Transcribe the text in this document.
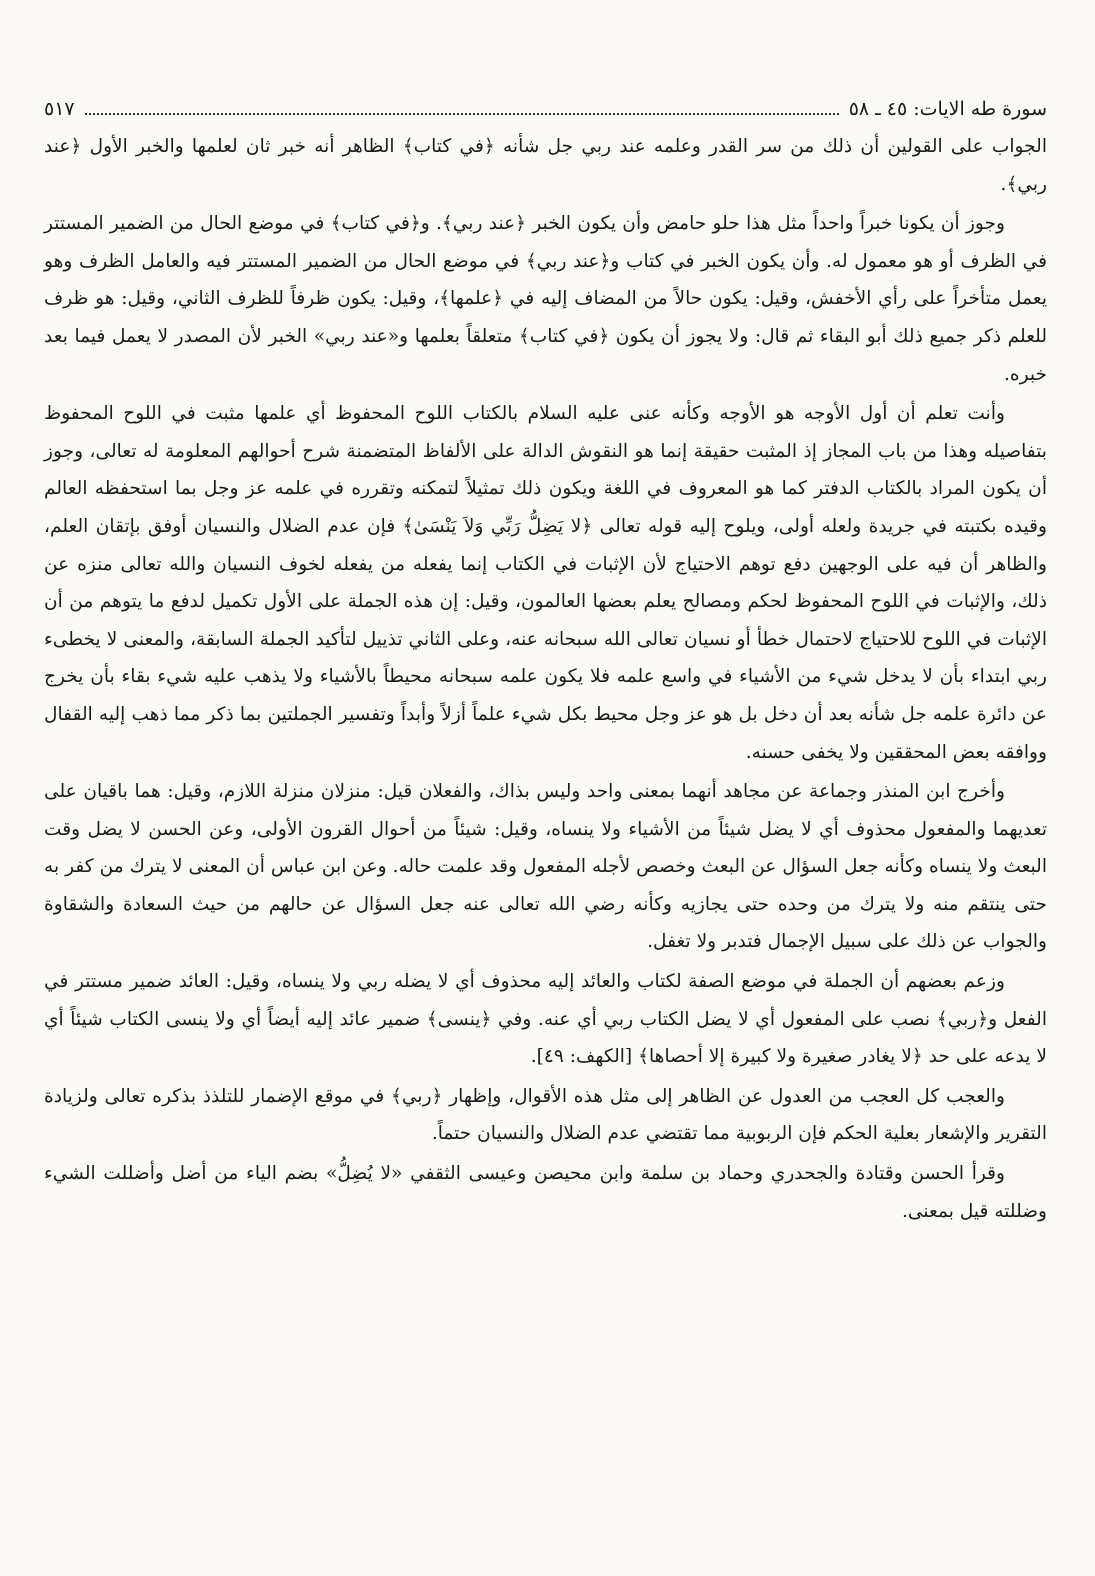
سورة طه الايات: ٤٥ ـ ٥٨
٥١٧

الجواب على القولين أن ذلك من سر القدر وعلمه عند ربي جل شأنه ﴿في كتاب﴾ الظاهر أنه خبر ثان لعلمها والخبر الأول ﴿عند ربي﴾.

وجوز أن يكونا خبراً واحداً مثل هذا حلو حامض وأن يكون الخبر ﴿عند ربي﴾. و﴿في كتاب﴾ في موضع الحال من الضمير المستتر في الظرف أو هو معمول له. وأن يكون الخبر في كتاب و﴿عند ربي﴾ في موضع الحال من الضمير المستتر فيه والعامل الظرف وهو يعمل متأخراً على رأي الأخفش، وقيل: يكون حالاً من المضاف إليه في ﴿علمها﴾، وقيل: يكون ظرفاً للظرف الثاني، وقيل: هو ظرف للعلم ذكر جميع ذلك أبو البقاء ثم قال: ولا يجوز أن يكون ﴿في كتاب﴾ متعلقاً بعلمها و«عند ربي» الخبر لأن المصدر لا يعمل فيما بعد خبره.

وأنت تعلم أن أول الأوجه هو الأوجه وكأنه عنى عليه السلام بالكتاب اللوح المحفوظ أي علمها مثبت في اللوح المحفوظ بتفاصيله وهذا من باب المجاز إذ المثبت حقيقة إنما هو النقوش الدالة على الألفاظ المتضمنة شرح أحوالهم المعلومة له تعالى، وجوز أن يكون المراد بالكتاب الدفتر كما هو المعروف في اللغة ويكون ذلك تمثيلاً لتمكنه وتقرره في علمه عز وجل بما استحفظه العالم وقيده بكتبته في جريدة ولعله أولى، ويلوح إليه قوله تعالى ﴿لا يَضِلُّ رَبِّي وَلاَ يَنْسَىٰ﴾ فإن عدم الضلال والنسيان أوفق بإتقان العلم، والظاهر أن فيه على الوجهين دفع توهم الاحتياج لأن الإثبات في الكتاب إنما يفعله من يفعله لخوف النسيان والله تعالى منزه عن ذلك، والإثبات في اللوح المحفوظ لحكم ومصالح يعلم بعضها العالمون، وقيل: إن هذه الجملة على الأول تكميل لدفع ما يتوهم من أن الإثبات في اللوح للاحتياج لاحتمال خطأ أو نسيان تعالى الله سبحانه عنه، وعلى الثاني تذييل لتأكيد الجملة السابقة، والمعنى لا يخطىء ربي ابتداء بأن لا يدخل شيء من الأشياء في واسع علمه فلا يكون علمه سبحانه محيطاً بالأشياء ولا يذهب عليه شيء بقاء بأن يخرج عن دائرة علمه جل شأنه بعد أن دخل بل هو عز وجل محيط بكل شيء علماً أزلاً وأبداً وتفسير الجملتين بما ذكر مما ذهب إليه القفال ووافقه بعض المحققين ولا يخفى حسنه.

وأخرج ابن المنذر وجماعة عن مجاهد أنهما بمعنى واحد وليس بذاك، والفعلان قيل: منزلان منزلة اللازم، وقيل: هما باقيان على تعديهما والمفعول محذوف أي لا يضل شيئاً من الأشياء ولا ينساه، وقيل: شيئاً من أحوال القرون الأولى، وعن الحسن لا يضل وقت البعث ولا ينساه وكأنه جعل السؤال عن البعث وخصص لأجله المفعول وقد علمت حاله. وعن ابن عباس أن المعنى لا يترك من كفر به حتى ينتقم منه ولا يترك من وحده حتى يجازيه وكأنه رضي الله تعالى عنه جعل السؤال عن حالهم من حيث السعادة والشقاوة والجواب عن ذلك على سبيل الإجمال فتدبر ولا تغفل.

وزعم بعضهم أن الجملة في موضع الصفة لكتاب والعائد إليه محذوف أي لا يضله ربي ولا ينساه، وقيل: العائد ضمير مستتر في الفعل و﴿ربي﴾ نصب على المفعول أي لا يضل الكتاب ربي أي عنه. وفي ﴿ينسى﴾ ضمير عائد إليه أيضاً أي ولا ينسى الكتاب شيئاً أي لا يدعه على حد ﴿لا يغادر صغيرة ولا كبيرة إلا أحصاها﴾ [الكهف: ٤٩].

والعجب كل العجب من العدول عن الظاهر إلى مثل هذه الأقوال، وإظهار ﴿ربي﴾ في موقع الإضمار للتلذذ بذكره تعالى ولزيادة التقرير والإشعار بعلية الحكم فإن الربوبية مما تقتضي عدم الضلال والنسيان حتماً.

وقرأ الحسن وقتادة والجحدري وحماد بن سلمة وابن محيصن وعيسى الثقفي «لا يُضِلُّ» بضم الياء من أضل وأضللت الشيء وضللته قيل بمعنى.
